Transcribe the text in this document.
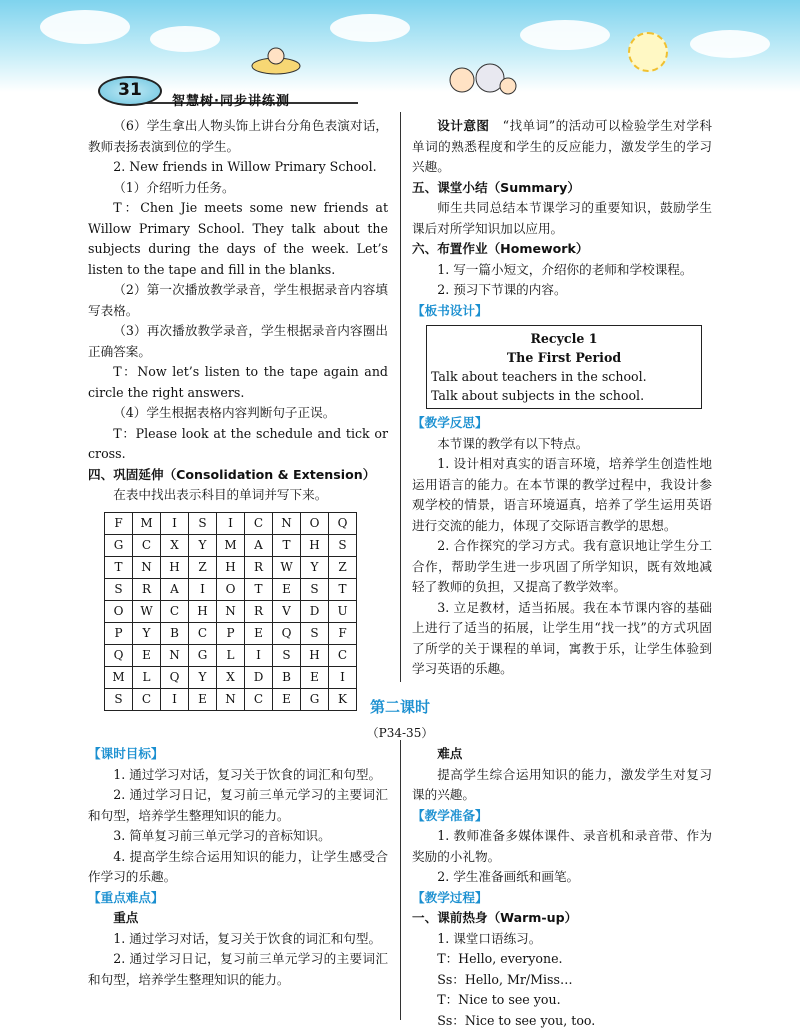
31
智慧树·同步讲练测

（6）学生拿出人物头饰上讲台分角色表演对话，教师表扬表演到位的学生。

2. New friends in Willow Primary School.

（1）介绍听力任务。

T：Chen Jie meets some new friends at Willow Primary School. They talk about the subjects during the days of the week. Let’s listen to the tape and fill in the blanks.

（2）第一次播放教学录音，学生根据录音内容填写表格。

（3）再次播放教学录音，学生根据录音内容圈出正确答案。

T：Now let’s listen to the tape again and circle the right answers.

（4）学生根据表格内容判断句子正误。

T：Please look at the schedule and tick or cross.

四、巩固延伸（Consolidation & Extension）

在表中找出表示科目的单词并写下来。

F	M	I	S	I	C	N	O	Q
G	C	X	Y	M	A	T	H	S
T	N	H	Z	H	R	W	Y	Z
S	R	A	I	O	T	E	S	T
O	W	C	H	N	R	V	D	U
P	Y	B	C	P	E	Q	S	F
Q	E	N	G	L	I	S	H	C
M	L	Q	Y	X	D	B	E	I
S	C	I	E	N	C	E	G	K

设计意图　 “找单词”的活动可以检验学生对学科单词的熟悉程度和学生的反应能力，激发学生的学习兴趣。

五、课堂小结（Summary）

师生共同总结本节课学习的重要知识，鼓励学生课后对所学知识加以应用。

六、布置作业（Homework）

1. 写一篇小短文，介绍你的老师和学校课程。

2. 预习下节课的内容。

【板书设计】

Recycle 1
The First Period
Talk about teachers in the school.
Talk about subjects in the school.

【教学反思】

本节课的教学有以下特点。

1. 设计相对真实的语言环境，培养学生创造性地运用语言的能力。在本节课的教学过程中，我设计参观学校的情景，语言环境逼真，培养了学生运用英语进行交流的能力，体现了交际语言教学的思想。

2. 合作探究的学习方式。我有意识地让学生分工合作，帮助学生进一步巩固了所学知识，既有效地减轻了教师的负担，又提高了教学效率。

3. 立足教材，适当拓展。我在本节课内容的基础上进行了适当的拓展，让学生用“找一找”的方式巩固了所学的关于课程的单词，寓教于乐，让学生体验到学习英语的乐趣。

第二课时
（P34-35）

【课时目标】

1. 通过学习对话，复习关于饮食的词汇和句型。

2. 通过学习日记，复习前三单元学习的主要词汇和句型，培养学生整理知识的能力。

3. 简单复习前三单元学习的音标知识。

4. 提高学生综合运用知识的能力，让学生感受合作学习的乐趣。

【重点难点】

重点

1. 通过学习对话，复习关于饮食的词汇和句型。

2. 通过学习日记，复习前三单元学习的主要词汇和句型，培养学生整理知识的能力。

难点

提高学生综合运用知识的能力，激发学生对复习课的兴趣。

【教学准备】

1. 教师准备多媒体课件、录音机和录音带、作为奖励的小礼物。

2. 学生准备画纸和画笔。

【教学过程】

一、课前热身（Warm-up）

1. 课堂口语练习。

T：Hello, everyone.

Ss：Hello, Mr/Miss…

T：Nice to see you.

Ss：Nice to see you, too.
